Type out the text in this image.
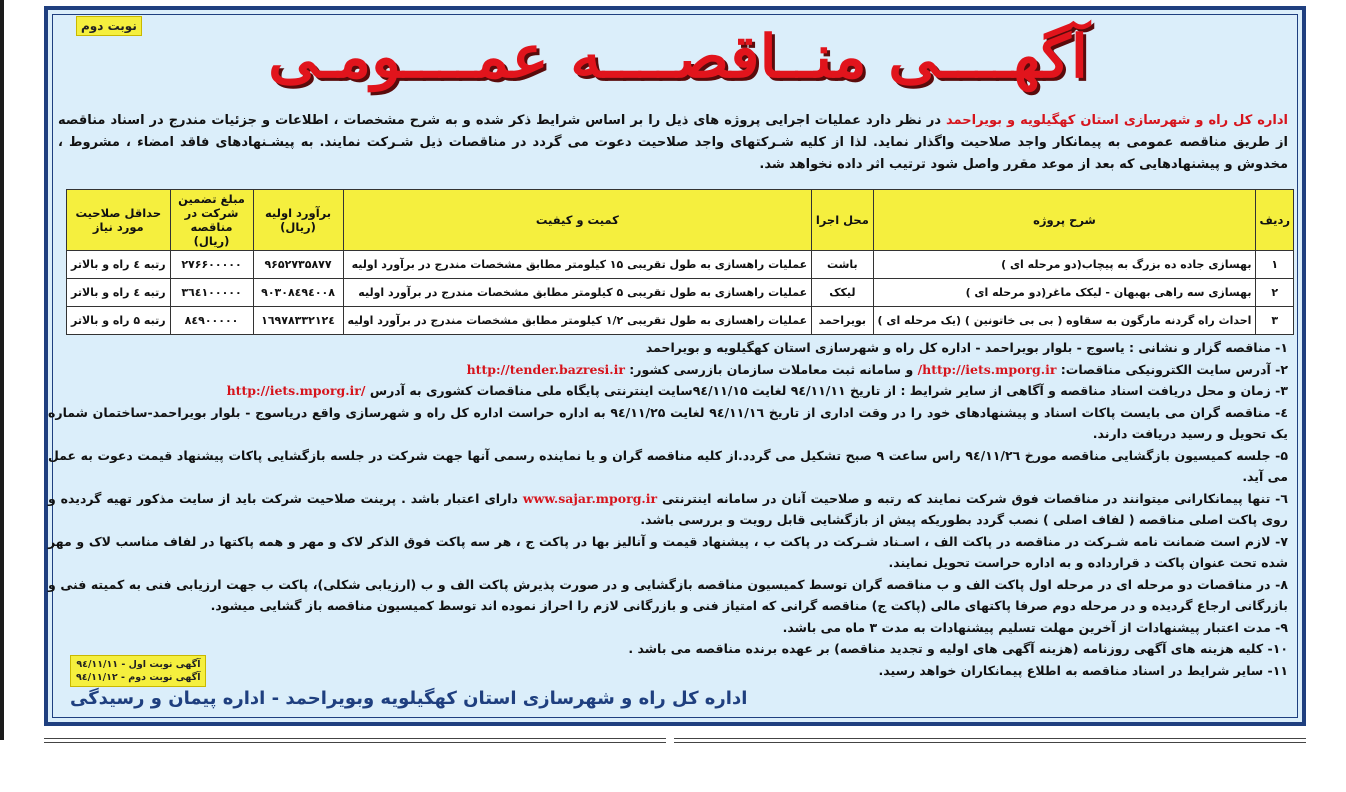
نوبت دوم	آگهــــی منــاقصــــه عمــــومـی
اداره کل راه و شهرسازی استان کهگیلویه و بویراحمد در نظر دارد عملیات اجرایی پروژه های ذیل را بر اساس شرایط ذکر شده و به شرح مشخصات ، اطلاعات و جزئیات مندرج در اسناد مناقصه از طریق مناقصه عمومی به پیمانکار واجد صلاحیت واگذار نماید. لذا از کلیه شـرکتهای واجد صلاحیت دعوت می گردد در مناقصات ذیل شـرکت نمایند. به پیشـنهادهای فاقد امضاء ، مشروط ، مخدوش و پیشنهادهایی که بعد از موعد مقرر واصل شود ترتیب اثر داده نخواهد شد.
ردیف	شرح پروژه	محل اجرا	کمیت و کیفیت	برآورد اولیه (ریال)	مبلغ تضمین شرکت در مناقصه (ریال)	حداقل صلاحیت مورد نیاز
۱	بهسازی جاده ده بزرگ به پیچاب(دو مرحله ای )	باشت	عملیات راهسازی به طول تقریبی ۱۵ کیلومتر مطابق مشخصات مندرج در برآورد اولیه	۹۶۵۲۷۳۵۸۷۷	۲۷۶۶۰۰۰۰۰	رتبه ٤ راه و بالاتر
۲	بهسازی سه راهی بهبهان - لیکک ماغر(دو مرحله ای )	لیکک	عملیات راهسازی به طول تقریبی ۵ کیلومتر مطابق مشخصات مندرج در برآورد اولیه	۹۰۳۰۸٤۹٤۰۰۸	۳٦٤۱۰۰۰۰۰	رتبه ٤ راه و بالاتر
۳	احداث راه گردنه مارگون به سقاوه ( بی بی خاتونین ) (یک مرحله ای )	بویراحمد	عملیات راهسازی به طول تقریبی ۱/۲ کیلومتر مطابق مشخصات مندرج در برآورد اولیه	۱٦۹۷۸۳۳۲۱۲٤	۸٤۹۰۰۰۰۰	رتبه ۵ راه و بالاتر

۱- مناقصه گزار و نشانی : یاسوج - بلوار بویراحمد - اداره کل راه و شهرسازی استان کهگیلویه و بویراحمد

۲- آدرس سایت الکترونیکی مناقصات: http://iets.mporg.ir/ و سامانه ثبت معاملات سازمان بازرسی کشور: http://tender.bazresi.ir

۳- زمان و محل دریافت اسناد مناقصه و آگاهی از سایر شرایط : از تاریخ ۹٤/۱۱/۱۱ لغایت ۹٤/۱۱/۱۵سایت اینترنتی پایگاه ملی مناقصات کشوری به آدرس /http://iets.mporg.ir

٤- مناقصه گران می بایست پاکات اسناد و پیشنهادهای خود را در وقت اداری از تاریخ ۹٤/۱۱/۱٦ لغایت ۹٤/۱۱/۲۵ به اداره حراست اداره کل راه و شهرسازی واقع دریاسوج - بلوار بویراحمد-ساختمان شماره یک تحویل و رسید دریافت دارند.

۵- جلسه کمیسیون بازگشایی مناقصه مورخ ۹٤/۱۱/۲٦ راس ساعت ۹ صبح تشکیل می گردد.از کلیه مناقصه گران و یا نماینده رسمی آنها جهت شرکت در جلسه بازگشایی پاکات پیشنهاد قیمت دعوت به عمل می آید.

٦- تنها پیمانکارانی میتوانند در مناقصات فوق شرکت نمایند که رتبه و صلاحیت آنان در سامانه اینترنتی www.sajar.mporg.ir دارای اعتبار باشد . پرینت صلاحیت شرکت باید از سایت مذکور تهیه گردیده و روی پاکت اصلی مناقصه ( لفاف اصلی ) نصب گردد بطوریکه پیش از بازگشایی قابل رویت و بررسی باشد.

۷- لازم است ضمانت نامه شـرکت در مناقصه در پاکت الف ، اسـناد شـرکت در پاکت ب ، پیشنهاد قیمت و آنالیز بها در پاکت ج ، هر سه پاکت فوق الذکر لاک و مهر و همه پاکتها در لفاف مناسب لاک و مهر شده تحت عنوان پاکت د قرارداده و به اداره حراست تحویل نمایند.

۸- در مناقصات دو مرحله ای در مرحله اول پاکت الف و ب مناقصه گران توسط کمیسیون مناقصه بازگشایی و در صورت پذیرش پاکت الف و ب (ارزیابی شکلی)، پاکت ب جهت ارزیابی فنی به کمیته فنی و بازرگانی ارجاع گردیده و در مرحله دوم صرفا پاکتهای مالی (پاکت ج) مناقصه گرانی که امتیاز فنی و بازرگانی لازم را احراز نموده اند توسط کمیسیون مناقصه باز گشایی میشود.

۹- مدت اعتبار پیشنهادات از آخرین مهلت تسلیم پیشنهادات به مدت ۳ ماه می باشد.

۱۰- کلیه هزینه های آگهی روزنامه (هزینه آگهی های اولیه و تجدید مناقصه) بر عهده برنده مناقصه می باشد .

۱۱- سایر شرایط در اسناد مناقصه به اطلاع پیمانکاران خواهد رسید.

آگهی نوبت اول - ۹٤/۱۱/۱۱
آگهی نوبت دوم - ۹٤/۱۱/۱۲
اداره کل راه و شهرسازی استان کهگیلویه وبویراحمد - اداره پیمان و رسیدگی
